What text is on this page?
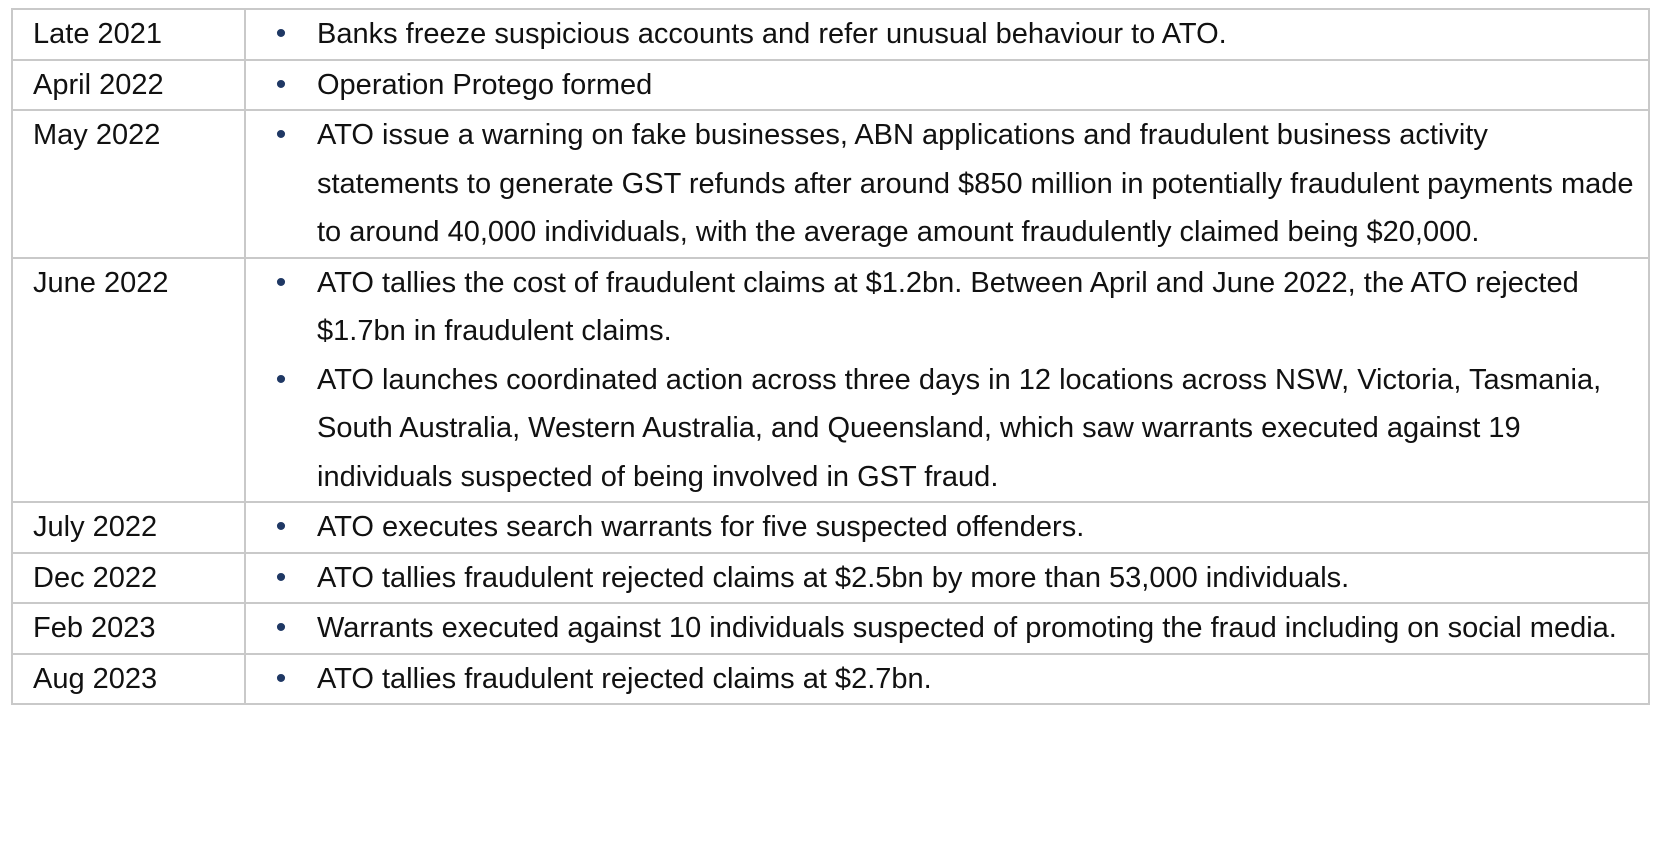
Late 2021	• Banks freeze suspicious accounts and refer unusual behaviour to ATO.

April 2022	• Operation Protego formed

May 2022	• ATO issue a warning on fake businesses, ABN applications and fraudulent business activity statements to generate GST refunds after around $850 million in potentially fraudulent payments made to around 40,000 individuals, with the average amount fraudulently claimed being $20,000.

June 2022	• ATO tallies the cost of fraudulent claims at $1.2bn. Between April and June 2022, the ATO rejected $1.7bn in fraudulent claims.
• ATO launches coordinated action across three days in 12 locations across NSW, Victoria, Tasmania, South Australia, Western Australia, and Queensland, which saw warrants executed against 19 individuals suspected of being involved in GST fraud.

July 2022	• ATO executes search warrants for five suspected offenders.

Dec 2022	• ATO tallies fraudulent rejected claims at $2.5bn by more than 53,000 individuals.

Feb 2023	• Warrants executed against 10 individuals suspected of promoting the fraud including on social media.

Aug 2023	• ATO tallies fraudulent rejected claims at $2.7bn.
